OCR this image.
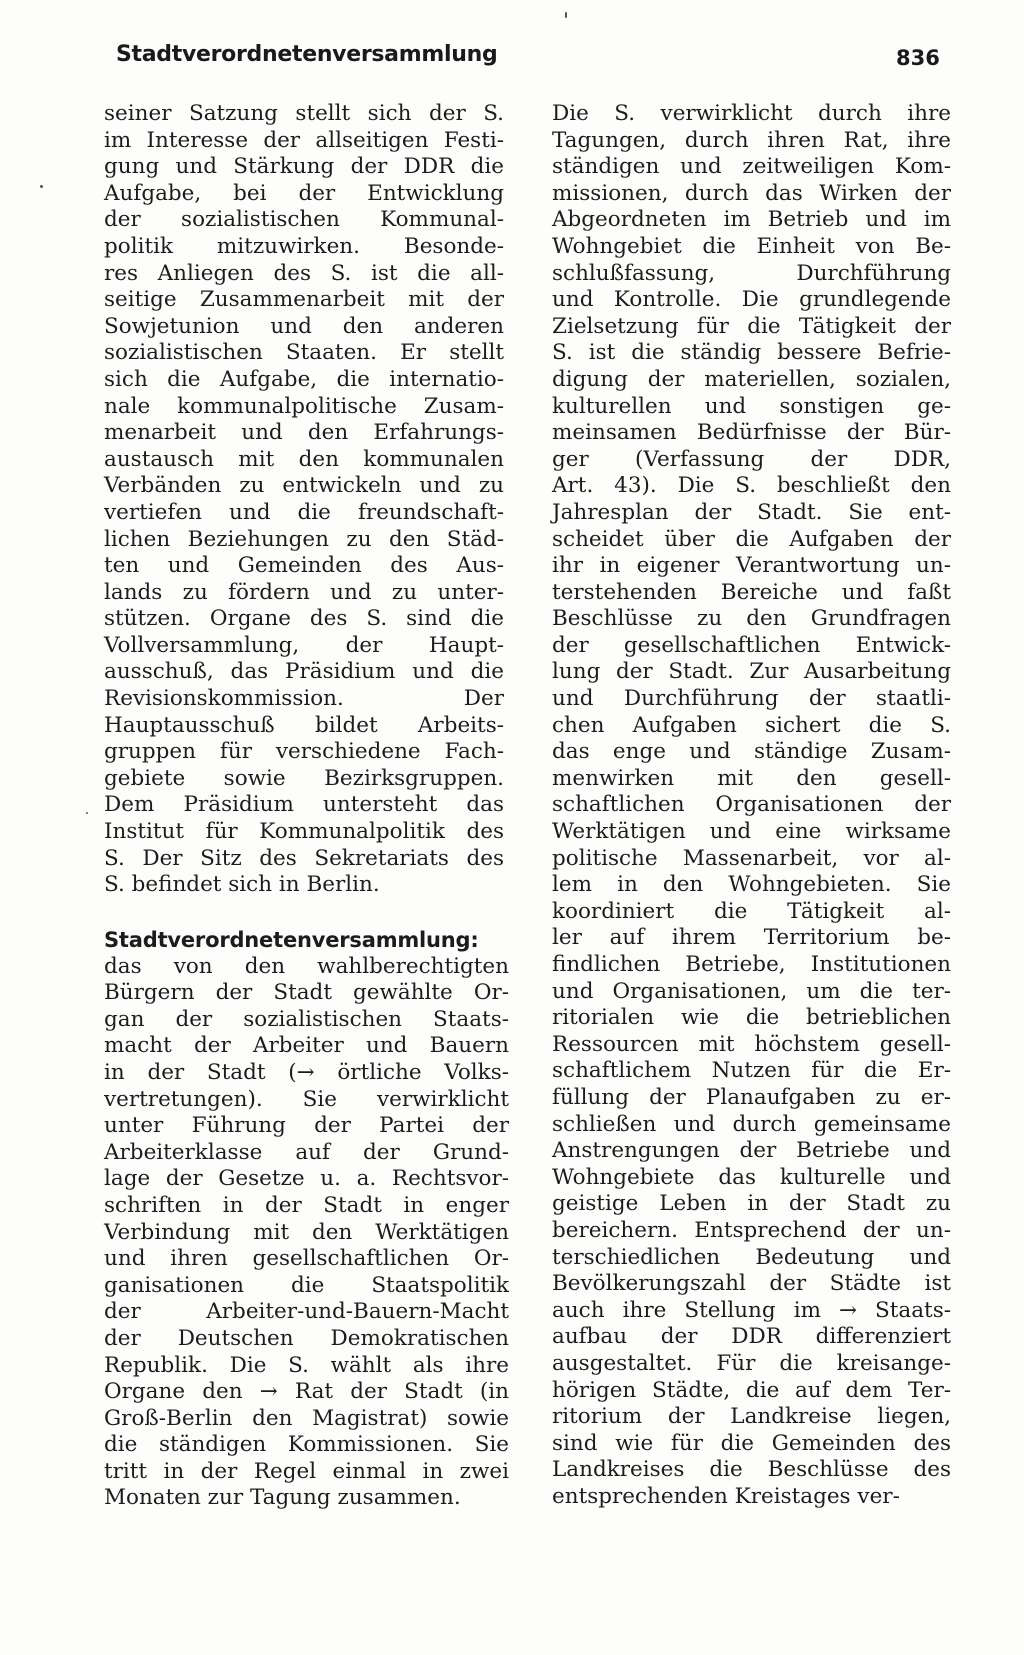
Stadtverordnetenversammlung	836
seiner Satzung stellt sich der S.
im Interesse der allseitigen Festi-
gung und Stärkung der DDR die
Aufgabe, bei der Entwicklung
der sozialistischen Kommunal-
politik mitzuwirken. Besonde-
res Anliegen des S. ist die all-
seitige Zusammenarbeit mit der
Sowjetunion und den anderen
sozialistischen Staaten. Er stellt
sich die Aufgabe, die internatio-
nale kommunalpolitische Zusam-
menarbeit und den Erfahrungs-
austausch mit den kommunalen
Verbänden zu entwickeln und zu
vertiefen und die freundschaft-
lichen Beziehungen zu den Städ-
ten und Gemeinden des Aus-
lands zu fördern und zu unter-
stützen. Organe des S. sind die
Vollversammlung, der Haupt-
ausschuß, das Präsidium und die
Revisionskommission. Der
Hauptausschuß bildet Arbeits-
gruppen für verschiedene Fach-
gebiete sowie Bezirksgruppen.
Dem Präsidium untersteht das
Institut für Kommunalpolitik des
S. Der Sitz des Sekretariats des
S. befindet sich in Berlin.
Stadtverordnetenversammlung:
das von den wahlberechtigten
Bürgern der Stadt gewählte Or-
gan der sozialistischen Staats-
macht der Arbeiter und Bauern
in der Stadt (→ örtliche Volks-
vertretungen). Sie verwirklicht
unter Führung der Partei der
Arbeiterklasse auf der Grund-
lage der Gesetze u. a. Rechtsvor-
schriften in der Stadt in enger
Verbindung mit den Werktätigen
und ihren gesellschaftlichen Or-
ganisationen die Staatspolitik
der Arbeiter-und-Bauern-Macht
der Deutschen Demokratischen
Republik. Die S. wählt als ihre
Organe den → Rat der Stadt (in
Groß-Berlin den Magistrat) sowie
die ständigen Kommissionen. Sie
tritt in der Regel einmal in zwei
Monaten zur Tagung zusammen.
Die S. verwirklicht durch ihre
Tagungen, durch ihren Rat, ihre
ständigen und zeitweiligen Kom-
missionen, durch das Wirken der
Abgeordneten im Betrieb und im
Wohngebiet die Einheit von Be-
schlußfassung, Durchführung
und Kontrolle. Die grundlegende
Zielsetzung für die Tätigkeit der
S. ist die ständig bessere Befrie-
digung der materiellen, sozialen,
kulturellen und sonstigen ge-
meinsamen Bedürfnisse der Bür-
ger (Verfassung der DDR,
Art. 43). Die S. beschließt den
Jahresplan der Stadt. Sie ent-
scheidet über die Aufgaben der
ihr in eigener Verantwortung un-
terstehenden Bereiche und faßt
Beschlüsse zu den Grundfragen
der gesellschaftlichen Entwick-
lung der Stadt. Zur Ausarbeitung
und Durchführung der staatli-
chen Aufgaben sichert die S.
das enge und ständige Zusam-
menwirken mit den gesell-
schaftlichen Organisationen der
Werktätigen und eine wirksame
politische Massenarbeit, vor al-
lem in den Wohngebieten. Sie
koordiniert die Tätigkeit al-
ler auf ihrem Territorium be-
findlichen Betriebe, Institutionen
und Organisationen, um die ter-
ritorialen wie die betrieblichen
Ressourcen mit höchstem gesell-
schaftlichem Nutzen für die Er-
füllung der Planaufgaben zu er-
schließen und durch gemeinsame
Anstrengungen der Betriebe und
Wohngebiete das kulturelle und
geistige Leben in der Stadt zu
bereichern. Entsprechend der un-
terschiedlichen Bedeutung und
Bevölkerungszahl der Städte ist
auch ihre Stellung im → Staats-
aufbau der DDR differenziert
ausgestaltet. Für die kreisange-
hörigen Städte, die auf dem Ter-
ritorium der Landkreise liegen,
sind wie für die Gemeinden des
Landkreises die Beschlüsse des
entsprechenden Kreistages ver-
